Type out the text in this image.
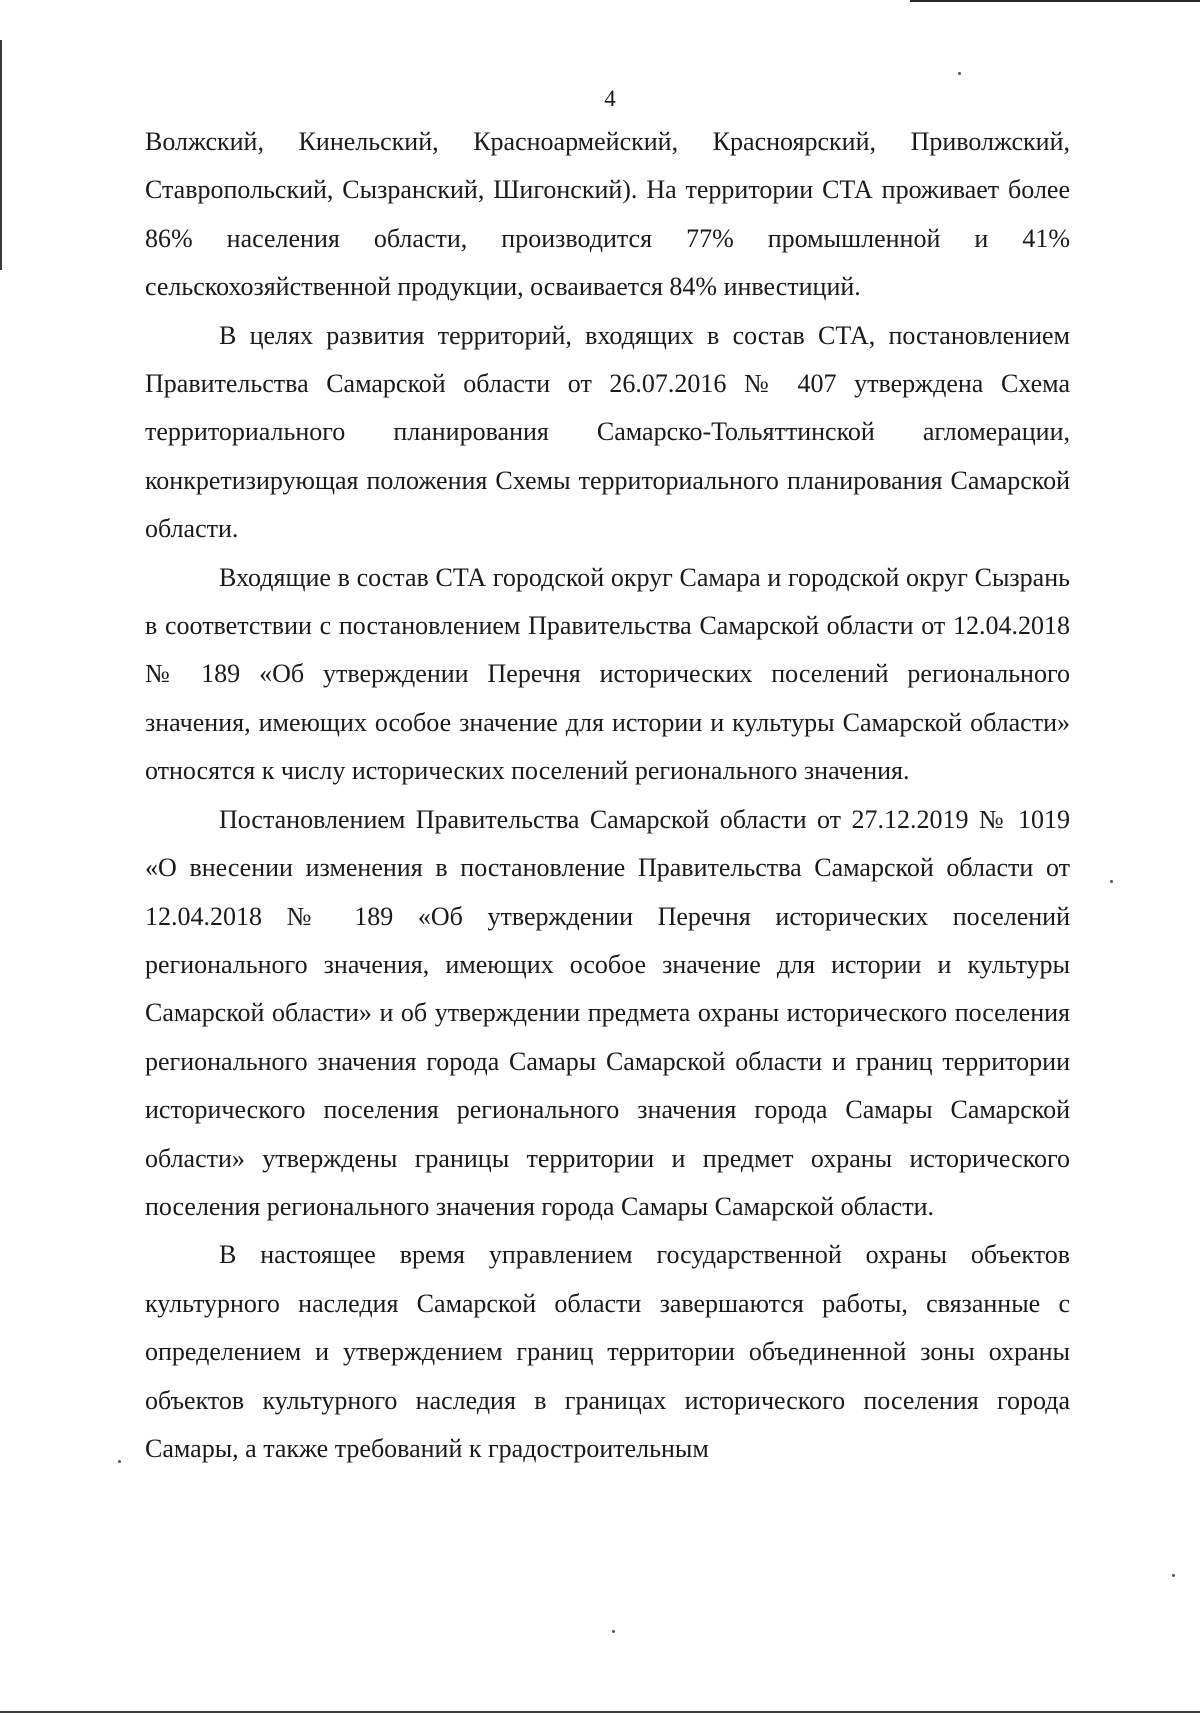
4

Волжский, Кинельский, Красноармейский, Красноярский, Приволжский, Ставропольский, Сызранский, Шигонский). На территории СТА проживает более 86% населения области, производится 77% промышленной и 41% сельскохозяйственной продукции, осваивается 84% инвестиций.

В целях развития территорий, входящих в состав СТА, постановлением Правительства Самарской области от 26.07.2016 № 407 утверждена Схема территориального планирования Самарско-Тольяттинской агломерации, конкретизирующая положения Схемы территориального планирования Самарской области.

Входящие в состав СТА городской округ Самара и городской округ Сызрань в соответствии с постановлением Правительства Самарской области от 12.04.2018 № 189 «Об утверждении Перечня исторических поселений регионального значения, имеющих особое значение для истории и культуры Самарской области» относятся к числу исторических поселений регионального значения.

Постановлением Правительства Самарской области от 27.12.2019 № 1019 «О внесении изменения в постановление Правительства Самарской области от 12.04.2018 № 189 «Об утверждении Перечня исторических поселений регионального значения, имеющих особое значение для истории и культуры Самарской области» и об утверждении предмета охраны исторического поселения регионального значения города Самары Самарской области и границ территории исторического поселения регионального значения города Самары Самарской области» утверждены границы территории и предмет охраны исторического поселения регионального значения города Самары Самарской области.

В настоящее время управлением государственной охраны объектов культурного наследия Самарской области завершаются работы, связанные с определением и утверждением границ территории объединенной зоны охраны объектов культурного наследия в границах исторического поселения города Самары, а также требований к градостроительным
